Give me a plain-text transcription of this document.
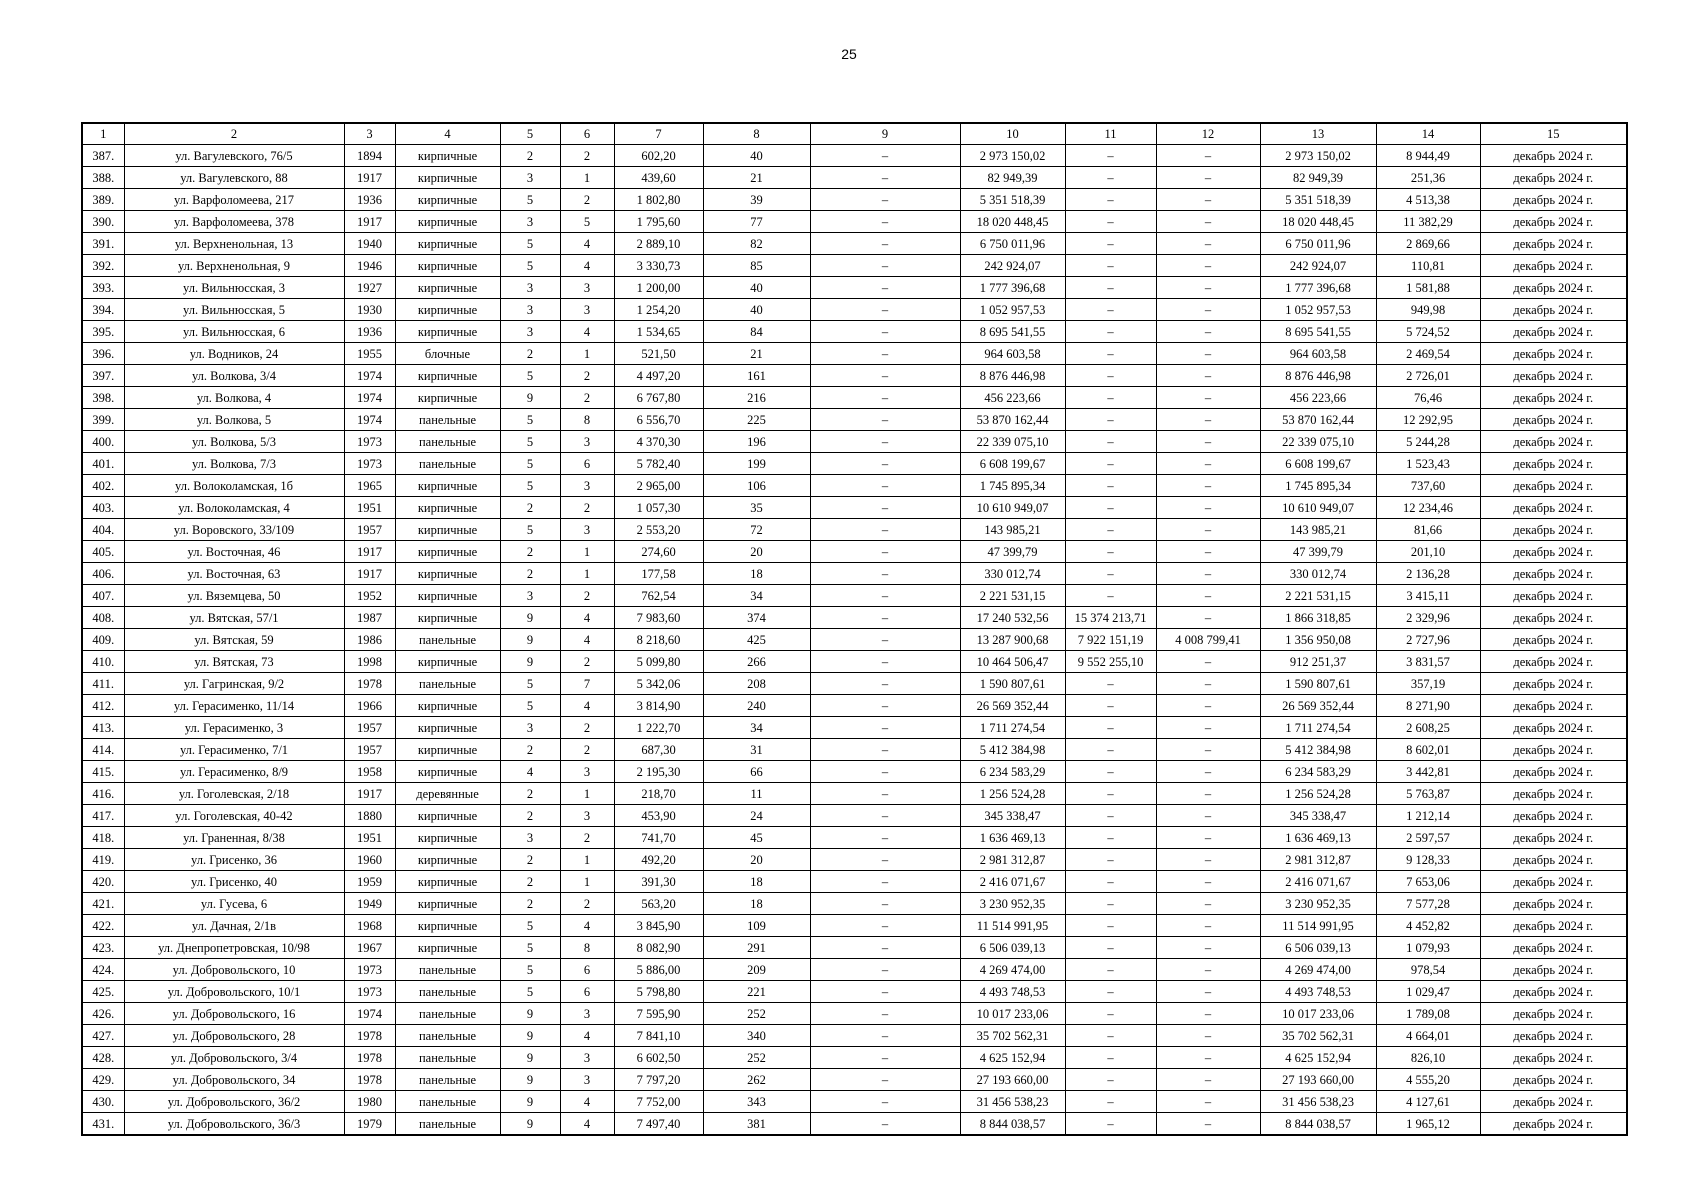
25
1	2	3	4	5	6	7	8	9	10	11	12	13	14	15
387.	ул. Вагулевского, 76/5	1894	кирпичные	2	2	602,20	40	–	2 973 150,02	–	–	2 973 150,02	8 944,49	декабрь 2024 г.
388.	ул. Вагулевского, 88	1917	кирпичные	3	1	439,60	21	–	82 949,39	–	–	82 949,39	251,36	декабрь 2024 г.
389.	ул. Варфоломеева, 217	1936	кирпичные	5	2	1 802,80	39	–	5 351 518,39	–	–	5 351 518,39	4 513,38	декабрь 2024 г.
390.	ул. Варфоломеева, 378	1917	кирпичные	3	5	1 795,60	77	–	18 020 448,45	–	–	18 020 448,45	11 382,29	декабрь 2024 г.
391.	ул. Верхненольная, 13	1940	кирпичные	5	4	2 889,10	82	–	6 750 011,96	–	–	6 750 011,96	2 869,66	декабрь 2024 г.
392.	ул. Верхненольная, 9	1946	кирпичные	5	4	3 330,73	85	–	242 924,07	–	–	242 924,07	110,81	декабрь 2024 г.
393.	ул. Вильнюсская, 3	1927	кирпичные	3	3	1 200,00	40	–	1 777 396,68	–	–	1 777 396,68	1 581,88	декабрь 2024 г.
394.	ул. Вильнюсская, 5	1930	кирпичные	3	3	1 254,20	40	–	1 052 957,53	–	–	1 052 957,53	949,98	декабрь 2024 г.
395.	ул. Вильнюсская, 6	1936	кирпичные	3	4	1 534,65	84	–	8 695 541,55	–	–	8 695 541,55	5 724,52	декабрь 2024 г.
396.	ул. Водников, 24	1955	блочные	2	1	521,50	21	–	964 603,58	–	–	964 603,58	2 469,54	декабрь 2024 г.
397.	ул. Волкова, 3/4	1974	кирпичные	5	2	4 497,20	161	–	8 876 446,98	–	–	8 876 446,98	2 726,01	декабрь 2024 г.
398.	ул. Волкова, 4	1974	кирпичные	9	2	6 767,80	216	–	456 223,66	–	–	456 223,66	76,46	декабрь 2024 г.
399.	ул. Волкова, 5	1974	панельные	5	8	6 556,70	225	–	53 870 162,44	–	–	53 870 162,44	12 292,95	декабрь 2024 г.
400.	ул. Волкова, 5/3	1973	панельные	5	3	4 370,30	196	–	22 339 075,10	–	–	22 339 075,10	5 244,28	декабрь 2024 г.
401.	ул. Волкова, 7/3	1973	панельные	5	6	5 782,40	199	–	6 608 199,67	–	–	6 608 199,67	1 523,43	декабрь 2024 г.
402.	ул. Волоколамская, 1б	1965	кирпичные	5	3	2 965,00	106	–	1 745 895,34	–	–	1 745 895,34	737,60	декабрь 2024 г.
403.	ул. Волоколамская, 4	1951	кирпичные	2	2	1 057,30	35	–	10 610 949,07	–	–	10 610 949,07	12 234,46	декабрь 2024 г.
404.	ул. Воровского, 33/109	1957	кирпичные	5	3	2 553,20	72	–	143 985,21	–	–	143 985,21	81,66	декабрь 2024 г.
405.	ул. Восточная, 46	1917	кирпичные	2	1	274,60	20	–	47 399,79	–	–	47 399,79	201,10	декабрь 2024 г.
406.	ул. Восточная, 63	1917	кирпичные	2	1	177,58	18	–	330 012,74	–	–	330 012,74	2 136,28	декабрь 2024 г.
407.	ул. Вяземцева, 50	1952	кирпичные	3	2	762,54	34	–	2 221 531,15	–	–	2 221 531,15	3 415,11	декабрь 2024 г.
408.	ул. Вятская, 57/1	1987	кирпичные	9	4	7 983,60	374	–	17 240 532,56	15 374 213,71	–	1 866 318,85	2 329,96	декабрь 2024 г.
409.	ул. Вятская, 59	1986	панельные	9	4	8 218,60	425	–	13 287 900,68	7 922 151,19	4 008 799,41	1 356 950,08	2 727,96	декабрь 2024 г.
410.	ул. Вятская, 73	1998	кирпичные	9	2	5 099,80	266	–	10 464 506,47	9 552 255,10	–	912 251,37	3 831,57	декабрь 2024 г.
411.	ул. Гагринская, 9/2	1978	панельные	5	7	5 342,06	208	–	1 590 807,61	–	–	1 590 807,61	357,19	декабрь 2024 г.
412.	ул. Герасименко, 11/14	1966	кирпичные	5	4	3 814,90	240	–	26 569 352,44	–	–	26 569 352,44	8 271,90	декабрь 2024 г.
413.	ул. Герасименко, 3	1957	кирпичные	3	2	1 222,70	34	–	1 711 274,54	–	–	1 711 274,54	2 608,25	декабрь 2024 г.
414.	ул. Герасименко, 7/1	1957	кирпичные	2	2	687,30	31	–	5 412 384,98	–	–	5 412 384,98	8 602,01	декабрь 2024 г.
415.	ул. Герасименко, 8/9	1958	кирпичные	4	3	2 195,30	66	–	6 234 583,29	–	–	6 234 583,29	3 442,81	декабрь 2024 г.
416.	ул. Гоголевская, 2/18	1917	деревянные	2	1	218,70	11	–	1 256 524,28	–	–	1 256 524,28	5 763,87	декабрь 2024 г.
417.	ул. Гоголевская, 40-42	1880	кирпичные	2	3	453,90	24	–	345 338,47	–	–	345 338,47	1 212,14	декабрь 2024 г.
418.	ул. Граненная, 8/38	1951	кирпичные	3	2	741,70	45	–	1 636 469,13	–	–	1 636 469,13	2 597,57	декабрь 2024 г.
419.	ул. Грисенко, 36	1960	кирпичные	2	1	492,20	20	–	2 981 312,87	–	–	2 981 312,87	9 128,33	декабрь 2024 г.
420.	ул. Грисенко, 40	1959	кирпичные	2	1	391,30	18	–	2 416 071,67	–	–	2 416 071,67	7 653,06	декабрь 2024 г.
421.	ул. Гусева, 6	1949	кирпичные	2	2	563,20	18	–	3 230 952,35	–	–	3 230 952,35	7 577,28	декабрь 2024 г.
422.	ул. Дачная, 2/1в	1968	кирпичные	5	4	3 845,90	109	–	11 514 991,95	–	–	11 514 991,95	4 452,82	декабрь 2024 г.
423.	ул. Днепропетровская, 10/98	1967	кирпичные	5	8	8 082,90	291	–	6 506 039,13	–	–	6 506 039,13	1 079,93	декабрь 2024 г.
424.	ул. Добровольского, 10	1973	панельные	5	6	5 886,00	209	–	4 269 474,00	–	–	4 269 474,00	978,54	декабрь 2024 г.
425.	ул. Добровольского, 10/1	1973	панельные	5	6	5 798,80	221	–	4 493 748,53	–	–	4 493 748,53	1 029,47	декабрь 2024 г.
426.	ул. Добровольского, 16	1974	панельные	9	3	7 595,90	252	–	10 017 233,06	–	–	10 017 233,06	1 789,08	декабрь 2024 г.
427.	ул. Добровольского, 28	1978	панельные	9	4	7 841,10	340	–	35 702 562,31	–	–	35 702 562,31	4 664,01	декабрь 2024 г.
428.	ул. Добровольского, 3/4	1978	панельные	9	3	6 602,50	252	–	4 625 152,94	–	–	4 625 152,94	826,10	декабрь 2024 г.
429.	ул. Добровольского, 34	1978	панельные	9	3	7 797,20	262	–	27 193 660,00	–	–	27 193 660,00	4 555,20	декабрь 2024 г.
430.	ул. Добровольского, 36/2	1980	панельные	9	4	7 752,00	343	–	31 456 538,23	–	–	31 456 538,23	4 127,61	декабрь 2024 г.
431.	ул. Добровольского, 36/3	1979	панельные	9	4	7 497,40	381	–	8 844 038,57	–	–	8 844 038,57	1 965,12	декабрь 2024 г.
